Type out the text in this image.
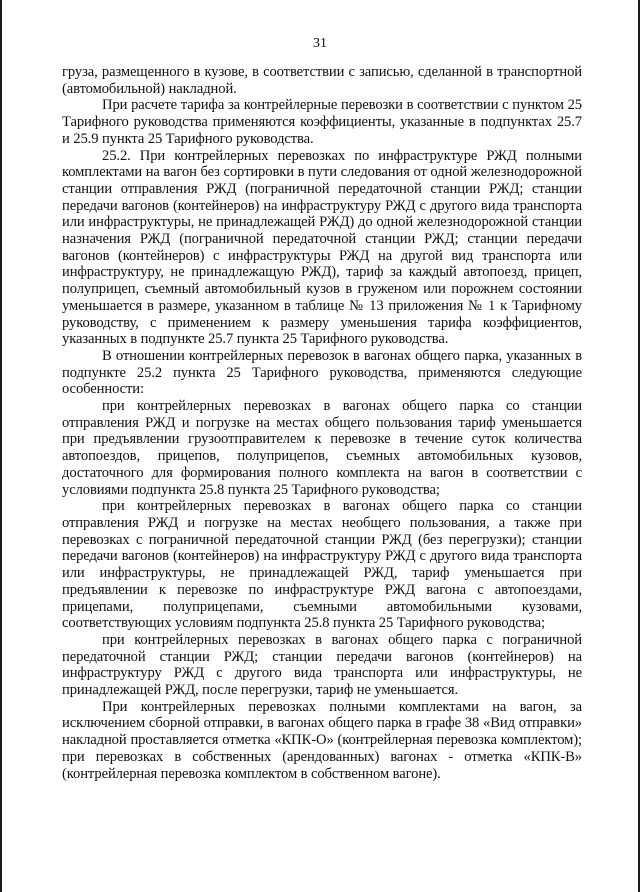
31

груза, размещенного в кузове, в соответствии с записью, сделанной в транспортной (автомобильной) накладной.

При расчете тарифа за контрейлерные перевозки в соответствии с пунктом 25 Тарифного руководства применяются коэффициенты, указанные в подпунктах 25.7 и 25.9 пункта 25 Тарифного руководства.

25.2. При контрейлерных перевозках по инфраструктуре РЖД полными комплектами на вагон без сортировки в пути следования от одной железнодорожной станции отправления РЖД (пограничной передаточной станции РЖД; станции передачи вагонов (контейнеров) на инфраструктуру РЖД с другого вида транспорта или инфраструктуры, не принадлежащей РЖД) до одной железнодорожной станции назначения РЖД (пограничной передаточной станции РЖД; станции передачи вагонов (контейнеров) с инфраструктуры РЖД на другой вид транспорта или инфраструктуру, не принадлежащую РЖД), тариф за каждый автопоезд, прицеп, полуприцеп, съемный автомобильный кузов в груженом или порожнем состоянии уменьшается в размере, указанном в таблице № 13 приложения № 1 к Тарифному руководству, с применением к размеру уменьшения тарифа коэффициентов, указанных в подпункте 25.7 пункта 25 Тарифного руководства.

В отношении контрейлерных перевозок в вагонах общего парка, указанных в подпункте 25.2 пункта 25 Тарифного руководства, применяются следующие особенности:

при контрейлерных перевозках в вагонах общего парка со станции отправления РЖД и погрузке на местах общего пользования тариф уменьшается при предъявлении грузоотправителем к перевозке в течение суток количества автопоездов, прицепов, полуприцепов, съемных автомобильных кузовов, достаточного для формирования полного комплекта на вагон в соответствии с условиями подпункта 25.8 пункта 25 Тарифного руководства;

при контрейлерных перевозках в вагонах общего парка со станции отправления РЖД и погрузке на местах необщего пользования, а также при перевозках с пограничной передаточной станции РЖД (без перегрузки); станции передачи вагонов (контейнеров) на инфраструктуру РЖД с другого вида транспорта или инфраструктуры, не принадлежащей РЖД, тариф уменьшается при предъявлении к перевозке по инфраструктуре РЖД вагона с автопоездами, прицепами, полуприцепами, съемными автомобильными кузовами, соответствующих условиям подпункта 25.8 пункта 25 Тарифного руководства;

при контрейлерных перевозках в вагонах общего парка с пограничной передаточной станции РЖД; станции передачи вагонов (контейнеров) на инфраструктуру РЖД с другого вида транспорта или инфраструктуры, не принадлежащей РЖД, после перегрузки, тариф не уменьшается.

При контрейлерных перевозках полными комплектами на вагон, за исключением сборной отправки, в вагонах общего парка в графе 38 «Вид отправки» накладной проставляется отметка «КПК-О» (контрейлерная перевозка комплектом); при перевозках в собственных (арендованных) вагонах - отметка «КПК-В» (контрейлерная перевозка комплектом в собственном вагоне).
